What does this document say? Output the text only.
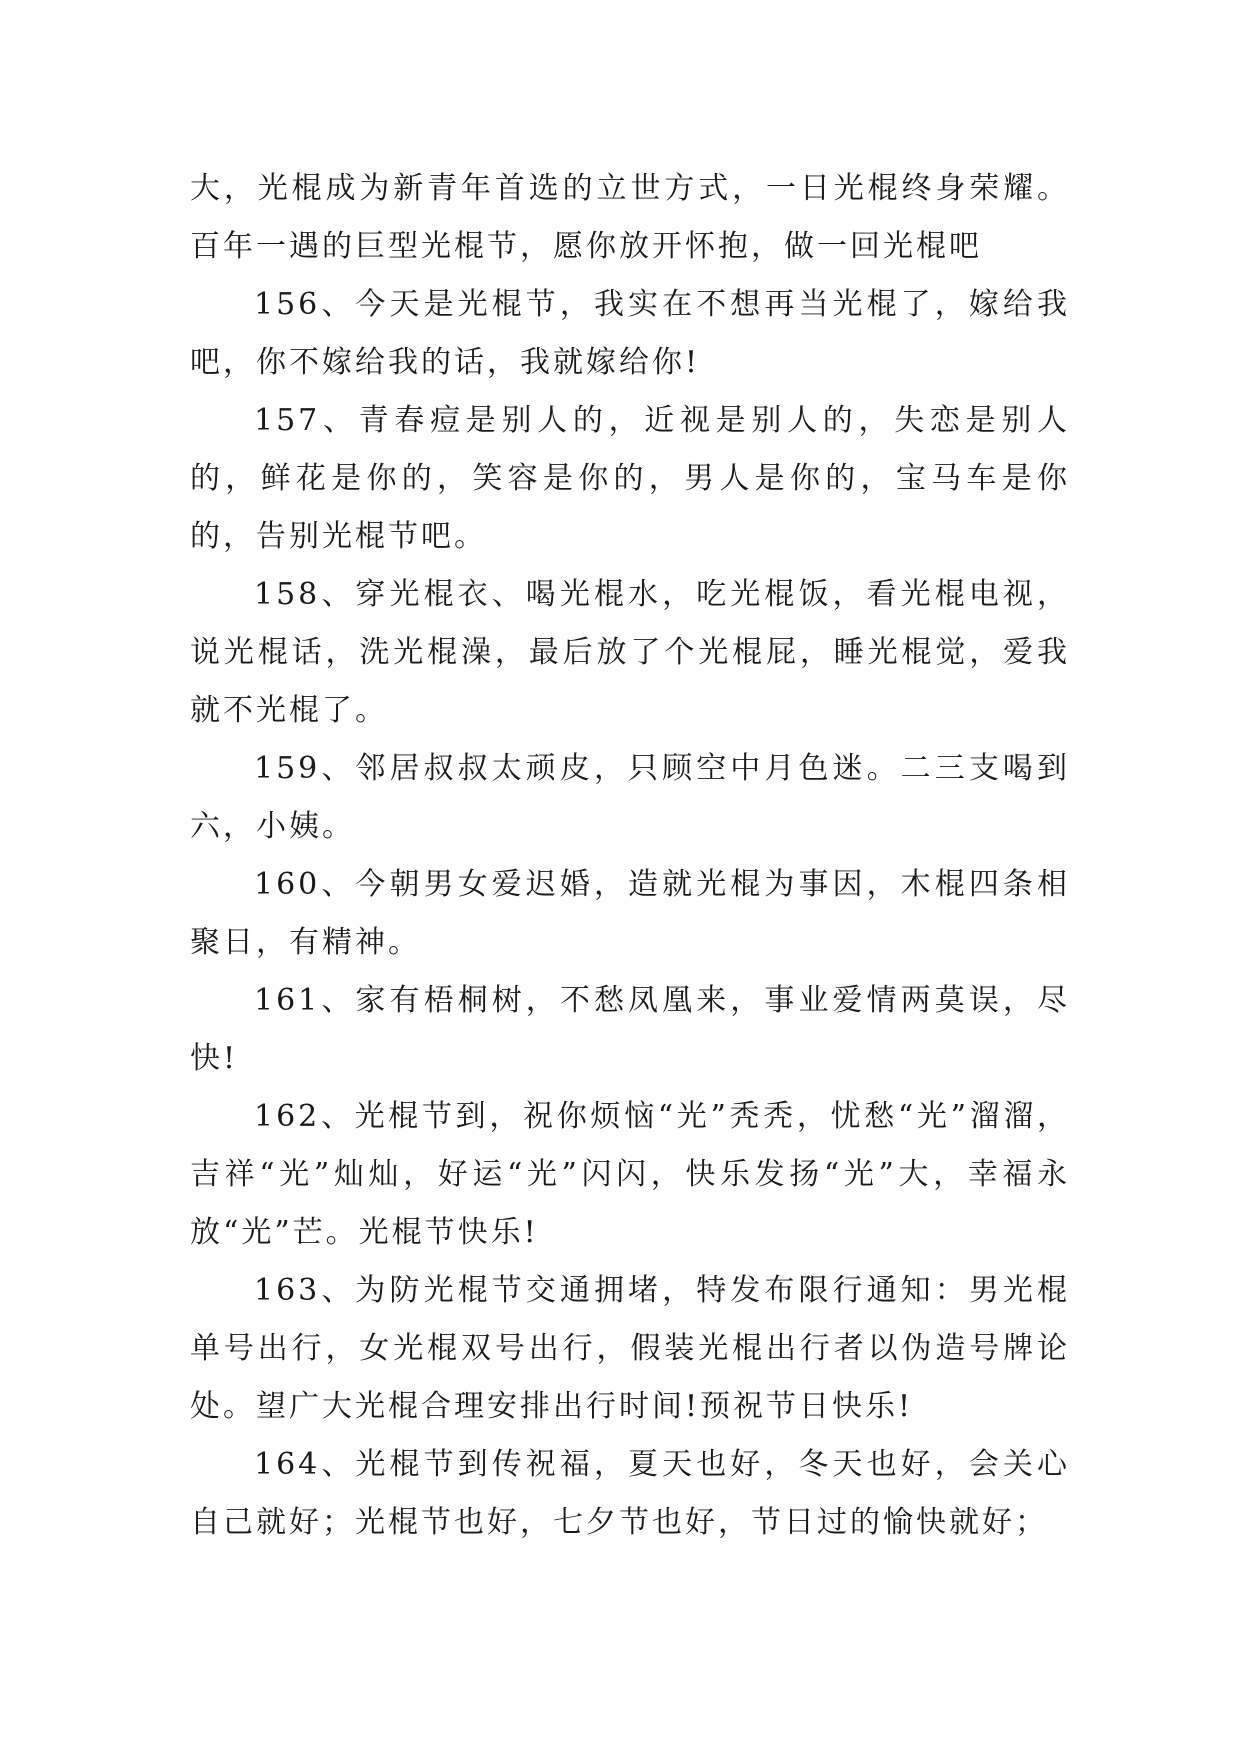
大，光棍成为新青年首选的立世方式，一日光棍终身荣耀。百年一遇的巨型光棍节，愿你放开怀抱，做一回光棍吧

156、今天是光棍节，我实在不想再当光棍了，嫁给我吧，你不嫁给我的话，我就嫁给你!

157、青春痘是别人的，近视是别人的，失恋是别人的，鲜花是你的，笑容是你的，男人是你的，宝马车是你的，告别光棍节吧。

158、穿光棍衣、喝光棍水，吃光棍饭，看光棍电视，说光棍话，洗光棍澡，最后放了个光棍屁，睡光棍觉，爱我就不光棍了。

159、邻居叔叔太顽皮，只顾空中月色迷。二三支喝到六，小姨。

160、今朝男女爱迟婚，造就光棍为事因，木棍四条相聚日，有精神。

161、家有梧桐树，不愁凤凰来，事业爱情两莫误，尽快!

162、光棍节到，祝你烦恼“光”秃秃，忧愁“光”溜溜，吉祥“光”灿灿，好运“光”闪闪，快乐发扬“光”大，幸福永放“光”芒。光棍节快乐!

163、为防光棍节交通拥堵，特发布限行通知：男光棍单号出行，女光棍双号出行，假装光棍出行者以伪造号牌论处。望广大光棍合理安排出行时间!预祝节日快乐!

164、光棍节到传祝福，夏天也好，冬天也好，会关心自己就好；光棍节也好，七夕节也好，节日过的愉快就好；
